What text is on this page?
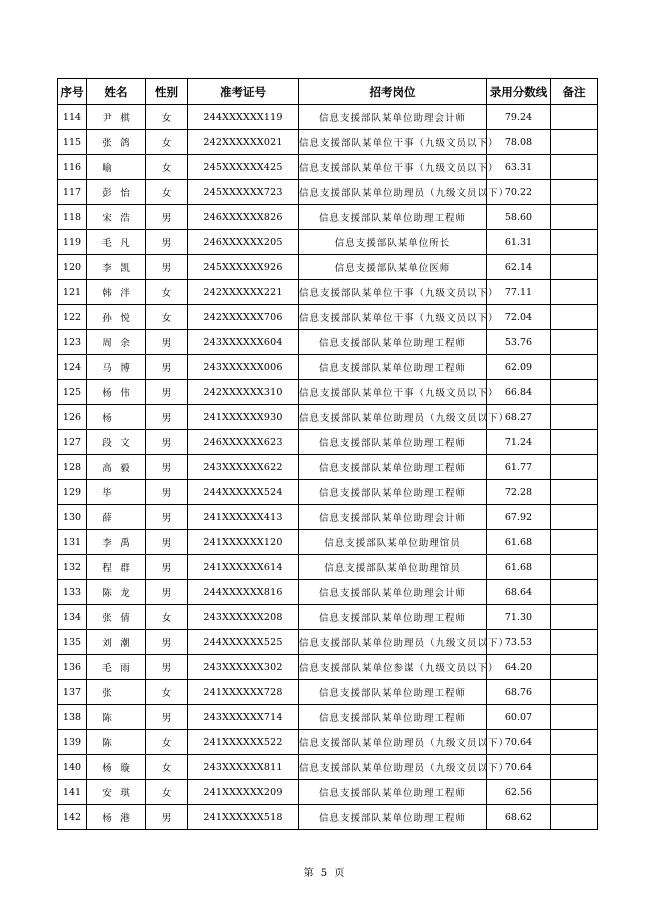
序号	姓名	性别	准考证号	招考岗位	录用分数线	备注
114	尹 棋	女	244XXXXXX119	信息支援部队某单位助理会计师	79.24	
115	张 鸽	女	242XXXXXX021	信息支援部队某单位干事（九级文员以下）	78.08	
116	喻	女	245XXXXXX425	信息支援部队某单位干事（九级文员以下）	63.31	
117	彭 怡	女	245XXXXXX723	信息支援部队某单位助理员（九级文员以下）	70.22	
118	宋 浩	男	246XXXXXX826	信息支援部队某单位助理工程师	58.60	
119	毛 凡	男	246XXXXXX205	信息支援部队某单位所长	61.31	
120	李 凯	男	245XXXXXX926	信息支援部队某单位医师	62.14	
121	韩 泮	女	242XXXXXX221	信息支援部队某单位干事（九级文员以下）	77.11	
122	孙 悦	女	242XXXXXX706	信息支援部队某单位干事（九级文员以下）	72.04	
123	周 余	男	243XXXXXX604	信息支援部队某单位助理工程师	53.76	
124	马 博	男	243XXXXXX006	信息支援部队某单位助理工程师	62.09	
125	杨 伟	男	242XXXXXX310	信息支援部队某单位干事（九级文员以下）	66.84	
126	杨	男	241XXXXXX930	信息支援部队某单位助理员（九级文员以下）	68.27	
127	段 文	男	246XXXXXX623	信息支援部队某单位助理工程师	71.24	
128	高 毅	男	243XXXXXX622	信息支援部队某单位助理工程师	61.77	
129	毕	男	244XXXXXX524	信息支援部队某单位助理工程师	72.28	
130	薛	男	241XXXXXX413	信息支援部队某单位助理会计师	67.92	
131	李 禹	男	241XXXXXX120	信息支援部队某单位助理馆员	61.68	
132	程 群	男	241XXXXXX614	信息支援部队某单位助理馆员	61.68	
133	陈 龙	男	244XXXXXX816	信息支援部队某单位助理会计师	68.64	
134	张 倩	女	243XXXXXX208	信息支援部队某单位助理工程师	71.30	
135	刘 潮	男	244XXXXXX525	信息支援部队某单位助理员（九级文员以下）	73.53	
136	毛 雨	男	243XXXXXX302	信息支援部队某单位参谋（九级文员以下）	64.20	
137	张	女	241XXXXXX728	信息支援部队某单位助理工程师	68.76	
138	陈	男	243XXXXXX714	信息支援部队某单位助理工程师	60.07	
139	陈	女	241XXXXXX522	信息支援部队某单位助理员（九级文员以下）	70.64	
140	杨 璇	女	243XXXXXX811	信息支援部队某单位助理员（九级文员以下）	70.64	
141	安 琪	女	241XXXXXX209	信息支援部队某单位助理工程师	62.56	
142	杨 港	男	241XXXXXX518	信息支援部队某单位助理工程师	68.62	
第 5 页
